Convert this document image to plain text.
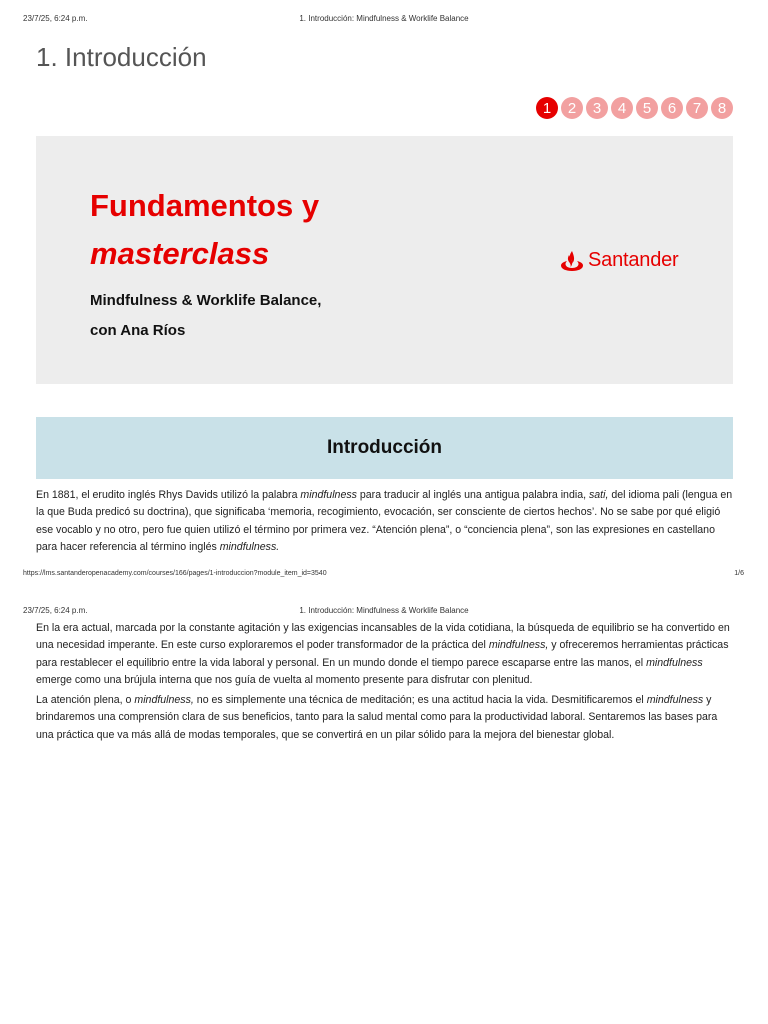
23/7/25, 6:24 p.m.	1. Introducción: Mindfulness & Worklife Balance
1. Introducción
1	2	3	4	5	6	7	8
Fundamentos y
masterclass
Mindfulness & Worklife Balance,
con Ana Ríos
Santander
Introducción

En 1881, el erudito inglés Rhys Davids utilizó la palabra mindfulness para traducir al inglés una antigua palabra india, sati, del idioma pali (lengua en la que Buda predicó su doctrina), que significaba ‘memoria, recogimiento, evocación, ser consciente de ciertos hechos’. No se sabe por qué eligió ese vocablo y no otro, pero fue quien utilizó el término por primera vez. “Atención plena”, o “conciencia plena”, son las expresiones en castellano para hacer referencia al término inglés mindfulness.

https://lms.santanderopenacademy.com/courses/166/pages/1-introduccion?module_item_id=3540	1/6
23/7/25, 6:24 p.m.	1. Introducción: Mindfulness & Worklife Balance

En la era actual, marcada por la constante agitación y las exigencias incansables de la vida cotidiana, la búsqueda de equilibrio se ha convertido en una necesidad imperante. En este curso exploraremos el poder transformador de la práctica del mindfulness, y ofreceremos herramientas prácticas para restablecer el equilibrio entre la vida laboral y personal. En un mundo donde el tiempo parece escaparse entre las manos, el mindfulness emerge como una brújula interna que nos guía de vuelta al momento presente para disfrutar con plenitud.

La atención plena, o mindfulness, no es simplemente una técnica de meditación; es una actitud hacia la vida. Desmitificaremos el mindfulness y brindaremos una comprensión clara de sus beneficios, tanto para la salud mental como para la productividad laboral. Sentaremos las bases para una práctica que va más allá de modas temporales, que se convertirá en un pilar sólido para la mejora del bienestar global.
